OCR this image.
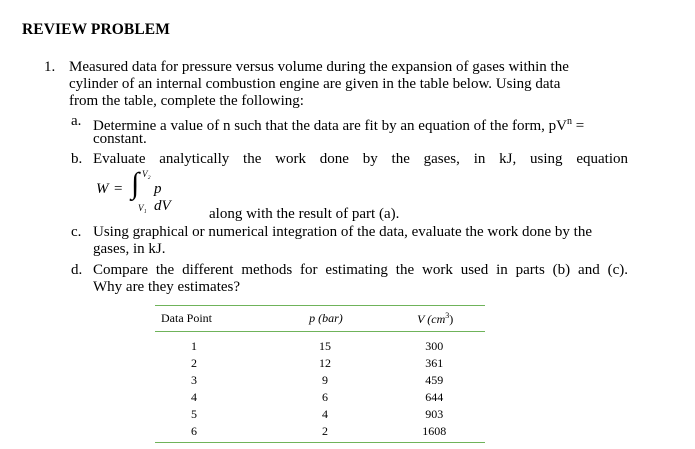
REVIEW PROBLEM
1. Measured data for pressure versus volume during the expansion of gases within the
cylinder of an internal combustion engine are given in the table below. Using data
from the table, complete the following:
a. Determine a value of n such that the data are fit by an equation of the form, $pV^n$ =
constant.
b. Evaluate analytically the work done by the gases, in kJ, using equation
W = ∫ V₂
V₁
p dV	along with the result of part (a).
c. Using graphical or numerical integration of the data, evaluate the work done by the
gases, in kJ.
d. Compare the different methods for estimating the work used in parts (b) and (c).
Why are they estimates?
Data Point	p (bar)	V $(cm^3)$
1	15	300
2	12	361
3	9	459
4	6	644
5	4	903
6	2	1608
